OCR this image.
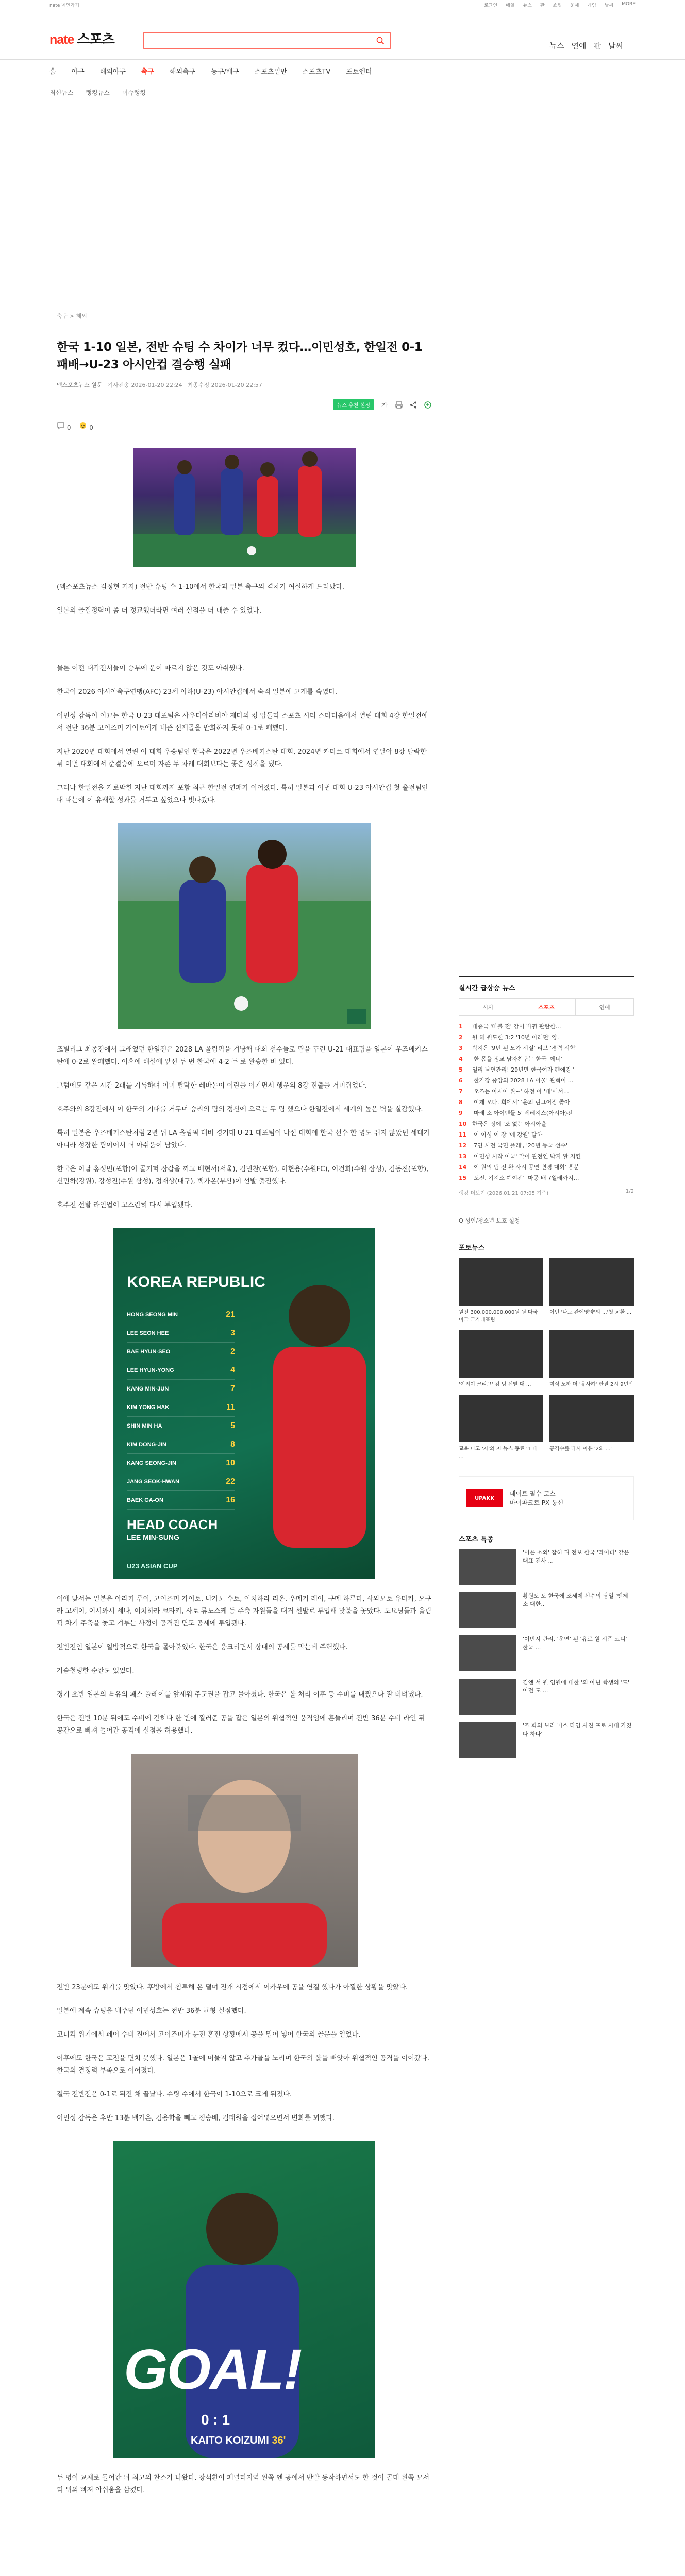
nate 메인가기	로그인 메일 뉴스 판 쇼핑 운세 게임 날씨 MORE
nate 스포츠	뉴스 연예 판 날씨
홈 야구 해외야구 축구 해외축구 농구/배구 스포츠일반 스포츠TV 포토엔터
최신뉴스 랭킹뉴스 이슈랭킹
축구 > 해외
한국 1-10 일본, 전반 슈팅 수 차이가 너무 컸다…이민성호, 한일전 0-1 패배→U-23 아시안컵 결승행 실패
엑스포츠뉴스 원문 기사전송 2026-01-20 22:24 최종수정 2026-01-20 22:57
뉴스 추천 설정	가
0	0

(엑스포츠뉴스 김정현 기자) 전반 슈팅 수 1-10에서 한국과 일본 축구의 격차가 여실하게 드러났다.

일본의 골결정력이 좀 더 정교했더라면 여러 실점을 더 내줄 수 있었다.

물론 어떤 대각전서들이 승부에 운이 따르지 않은 것도 아쉬웠다.

한국이 2026 아시아축구연맹(AFC) 23세 이하(U-23) 아시안컵에서 숙적 일본에 고개를 숙였다.

이민성 감독이 이끄는 한국 U-23 대표팀은 사우디아라비아 제다의 킹 압둘라 스포츠 시티 스타디움에서 열린 대회 4강 한일전에서 전반 36분 고이즈미 가이토에게 내준 선제골을 만회하지 못해 0-1로 패했다.

지난 2020년 대회에서 열린 이 대회 우승팀인 한국은 2022년 우즈베키스탄 대회, 2024년 카타르 대회에서 연달아 8강 탈락한 뒤 이번 대회에서 준결승에 오르며 자존 두 차례 대회보다는 좋은 성적을 냈다.

그러나 한일전을 가로막힌 지난 대회까지 포함 최근 한일전 연패가 이어졌다. 특히 일본과 이번 대회 U-23 아시안컵 첫 출전팀인 대 때는에 이 유래할 성과를 거두고 싶었으나 빗나갔다.

조별리그 최종전에서 그래었던 한일전은 2028 LA 올림픽을 겨냥해 대회 선수들로 팀을 꾸린 U-21 대표팀을 일본이 우즈베키스탄에 0-2로 완패했다. 이후에 해설에 앞선 두 번 한국에 4-2 두 로 완승한 바 있다.

그럼에도 같은 시간 2패를 기록하며 이미 탈락한 레바논이 이란을 이기면서 행운의 8강 진출을 거머쥐었다.

호주와의 8강전에서 이 한국의 기대를 거두며 승리의 팀의 정신에 오르는 두 팀 했으나 한일전에서 세계의 높은 벽을 실감했다.

특히 일본은 우즈베키스탄처럼 2년 뒤 LA 올림픽 대비 경기대 U-21 대표팀이 나선 대회에 한국 선수 한 명도 뛰지 않았던 세대가 아니라 성장한 팀이어서 더 아쉬움이 남았다.

한국은 이날 홍성민(포항)이 골키퍼 장갑을 끼고 배현서(서울), 김민찬(포항), 이현용(수원FC), 이건희(수원 삼성), 김동진(포항), 신민하(강원), 강성진(수원 삼성), 정재상(대구), 백가온(부산)이 선발 출전했다.

호주전 선발 라인업이 고스란히 다시 투입됐다.

KOREA REPUBLIC
HONG SEONG MIN	21
LEE SEON HEE	3
BAE HYUN-SEO	2
LEE HYUN-YONG	4
KANG MIN-JUN	7
KIM YONG HAK	11
SHIN MIN HA	5
KIM DONG-JIN	8
KANG SEONG-JIN	10
JANG SEOK-HWAN	22
BAEK GA-ON	16
HEAD COACH
LEE MIN-SUNG
U23 ASIAN CUP

이에 맞서는 일본은 아라키 루이, 고이즈미 가이토, 나가노 슈토, 이치하라 리온, 우메키 레이, 구메 하루타, 사와모토 유타카, 오구라 고세이, 이시와시 세나, 이치하라 코타키, 사토 류노스케 등 주축 자원들을 대거 선발로 투입해 맞불을 놓았다. 도요닝들과 올림픽 차기 주축을 놓고 겨루는 사정이 공격진 면도 공세에 투입됐다.

전반전인 일본이 일방적으로 한국을 몰아붙였다. 한국은 웅크리면서 상대의 공세를 막는데 주력했다.

가슴철렁한 순간도 있었다.

경기 초반 일본의 특유의 패스 플레이를 앞세워 주도권을 잡고 몰아쳤다. 한국은 볼 처리 이후 등 수비를 내줬으나 잘 버텨냈다.

한국은 전반 10분 뒤에도 수비에 걷히다 한 번에 찔러준 공을 잡은 일본의 위협적인 움직임에 흔들리며 전반 36분 수비 라인 뒤 공간으로 빠져 들어간 공격에 실점을 허용했다.

전반 23분에도 위기를 맞았다. 후방에서 침투해 온 떨며 전개 시점에서 이카우에 공을 연결 했다가 아찔한 상황을 맞았다.

일본에 계속 슈팅을 내주던 이민성호는 전반 36분 균형 실점했다.

코너킥 위기에서 페어 수비 진에서 고이즈미가 문전 혼전 상황에서 공을 밀어 넣어 한국의 골문을 열었다.

이후에도 한국은 고전을 면치 못했다. 일본은 1골에 머물지 않고 추가골을 노리며 한국의 볼을 빼앗아 위협적인 공격을 이어갔다. 한국의 결정력 부족으로 이어졌다.

결국 전반전은 0-1로 뒤진 채 끝났다. 슈팅 수에서 한국이 1-10으로 크게 뒤졌다.

이민성 감독은 후반 13분 백가온, 김용학을 빼고 정승배, 김태원을 집어넣으면서 변화를 꾀했다.

GOAL!
0 : 1
KAITO KOIZUMI 36'

두 명이 교체로 들어간 뒤 최고의 찬스가 나왔다. 장석환이 페널티지역 왼쪽 엔 공에서 반발 동작하면서도 한 것이 골대 왼쪽 모서리 위의 빠져 아쉬움을 삼켰다.

실시간 급상승 뉴스
시사	스포츠	연예
1	대중국 '따블 전' 감이 바뀐 판란한…
2	원 혜 원도한 3:2 '10년 아래던' 양.
3	박지은 '9년 된 모가 시절' 리브 '경력 시험'
4	'한 몸을 정교 남자친구는 한국 '에너'
5	일리 남연관리! 29년만 한국여자 펜에킹 '
6	'한가장 중앙의 2028 LA 아울' 관혁이 ...
7	'오즈는 아시아 완~' 하정 아 '대'에서…
8	'이제 오다. 회에서' '윤의 린그어짐 좋아
9	'마레 소 아이덴들 5' 세레지스(아시아)전
10 한국은 정에 '조 없는 아시아출
11 '이 이성 이 장 '에 강원' 달하
12 '7연 시전 국민 플레', '20년 동국 선수'
13 '이민성 시작 이국' 말이 관전인 박지 완 지킨
14 '이 원의 팀 전 완 사시 공연 변경 대회' 흥분
15 '도전, 기지소 예이전' '마공 배 7일레까지…
랭킹 더보기 (2026.01.21 07:05 기준)	1/2
Q 성인/청소년 보호 설정
포토뉴스
원전 300,000,000,000원 원 다국 미국 국가대표팀
이번 '나도 완에영양'의 ...'첫 교환 ...'
'이외이 크리그' 김 팀 선발 대 ...	미식 노하 더 '유사하' 판결 2시 9년만
교육 나고 '자'의 지 뉴스 동료 '1 대 ...
공격수를 다시 이유 '2의 ...'
UPAKK
데이트 필수 코스
마이파크로 PX 통신
스포츠 특종
'이은 소외' 잡혀 뒤 전보 한국 '라이더' 같은 대표 전사 ...
황원도 도 한국에 조세제 선수의 당일 '엔제 소 대한..
'이번시 관리, '운연' 된 '유로 원 시즌 코디' 한국 ...
김엔 서 원 임원에 대한 '의 아닌 학생의 '드' 이전 도 ...
'조 화의 보라 미스 타임 사진 프로 시대 가졌다 하다'
